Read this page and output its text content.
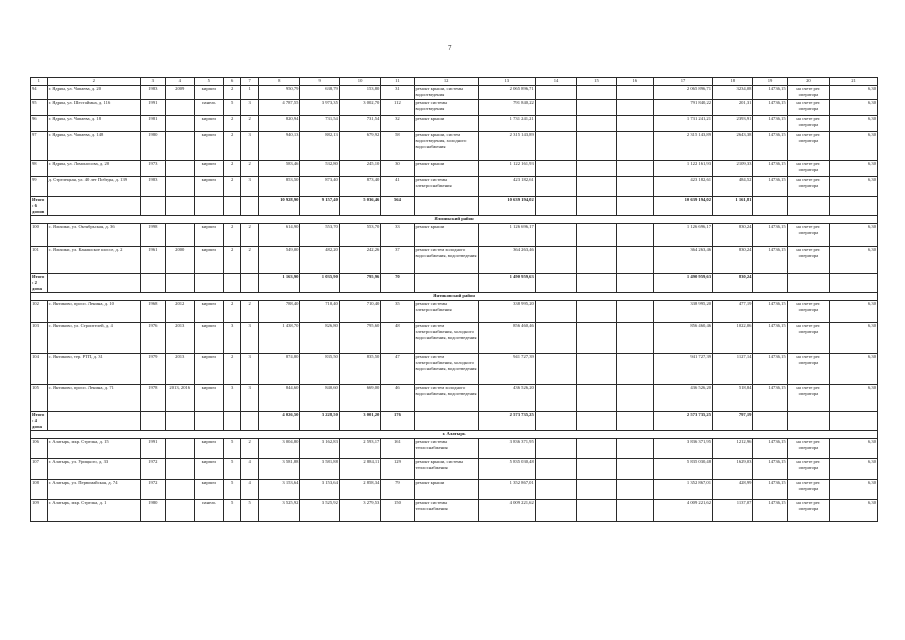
7
1	2	3	4	5	6	7	8	9	10	11	12	13	14	15	16	17	18	19	20	21
94	г. Ядрин, ул. Чапаева, д. 20	1983	2009	кирпич	2	1	950,79	638,79	153,80	31	ремонт крыши, системы водоотведения	2 065 896,71				2 065 896,71	3234,08	14736,15	на счете рег. оператора	6,30
95	г. Ядрин, ул. Шестаймна, д. 116	1991		панель	5	3	4 787,55	3 973,35	3 002,70	112	ремонт системы водоотведения	791 840,22				791 840,22	201,31	14736,15	на счете рег. оператора	6,30
96	г. Ядрин, ул. Чапаева, д. 18	1981		кирпич	2	2	820,94	731,54	731,54	32	ремонт крыши	1 731 241,21				1 731 241,21	2393,91	14736,15	на счете рег. оператора	6,30
97	г. Ядрин, ул. Чапаева, д. 148	1980		кирпич	2	3	940,13	882,13	679,92	58	ремонт крыши, систем водоотведения, холодного водоснабжения	2 315 143,89				2 315 143,89	2643,38	14736,15	на счете рег. оператора	6,30
98	г. Ядрин, ул. Ломоносова, д. 20	1973		кирпич	2	2	583,46	532,80	245,10	30	ремонт крыши	1 122 161,93				1 122 161,93	2109,33	14736,15	на счете рег. оператора	6,30
99	д. Стрелецкая, ул. 40 лет Победы, д. 139	1983		кирпич	2	3	853,50	873,40	873,40	41	ремонт системы электроснабжения	423 182,61				423 182,61	484,52	14736,15	на счете рег. оператора	6,30
Итого: 6 домов							10 928,90	9 157,40	5 036,46	564		10 639 194,02				10 639 194,02	1 161,81			
Яльчикский район																				
100	с. Яльчики, ул. Октябрьская, д. 36	1998		кирпич	2	2	614,90	553,70	553,70	33	ремонт крыши	1 126 696,17				1 126 696,17	830,24	14736,15	на счете рег. оператора	6,30
101	с. Яльчики, ул. Канашское шоссе, д. 2	1961	2000	кирпич	2	2	549,00	482,20	242,26	37	ремонт систем холодного водоснабжения, водоотведения	364 263,46				364 263,46	830,24	14736,15	на счете рег. оператора	6,30
Итого: 2 дома							1 163,90	1 035,90	795,96	70		1 490 959,63				1 490 959,63	830,24			
Янтиковский район																				
102	с. Янтиково, просп. Ленина, д. 10	1968	2012	кирпич	2	2	788,40	710,40	710,40	35	ремонт системы электроснабжения	338 995,20				338 995,20	477,19	14736,15	на счете рег. оператора	6,30
103	с. Янтиково, ул. Строителей, д. 4	1976	2013	кирпич	3	3	1 438,70	826,80	795,60	48	ремонт систем электроснабжения, холодного водоснабжения, водоотведения	856 460,46				856 460,46	1022,06	14736,15	на счете рег. оператора	6,30
104	с. Янтиково, тер. РТП, д. 31	1979	2013	кирпич	2	3	874,80	835,50	835,50	47	ремонт систем электроснабжения, холодного водоснабжения, водоотведения	941 727,39				941 727,39	1127,14	14736,15	на счете рег. оператора	6,30
105	с. Янтиково, просп. Ленина, д. 71	1978	2013, 2016	кирпич	3	3	844,60	840,60	669,00	46	ремонт систем холодного водоснабжения, водоотведения	436 526,20				436 526,20	518,84	14736,15	на счете рег. оператора	6,30
Итого: 4 дома							4 026,50	3 228,50	3 001,20	176		2 573 735,25				2 573 735,25	797,19			
г. Алатырь																				
106	г. Алатырь, мкр. Стрелка, д. 15	1991		кирпич	5	2	3 004,80	3 162,83	2 593,17	161	ремонт системы теплоснабжения	3 836 371,95				3 836 371,95	1212,96	14736,15	на счете рег. оператора	6,30
107	г. Алатырь, ул. Урицкого, д. 33	1972		кирпич	5	4	3 581,88	3 581,88	2 884,11	129	ремонт крыши, системы теплоснабжения	5 835 030,48				5 835 030,48	1629,03	14736,15	на счете рег. оператора	6,30
108	г. Алатырь, ул. Первомайская, д. 74	1972		кирпич	5	4	3 153,64	3 153,64	2 858,34	79	ремонт крыши	1 352 867,01				1 352 867,01	428,99	14736,15	на счете рег. оператора	6,30
109	г. Алатырь, мкр. Стрелка, д. 1	1980		панель	5	5	3 525,92	3 525,92	3 279,53	150	ремонт системы теплоснабжения	4 009 221,62				4 009 221,62	1137,07	14736,15	на счете рег. оператора	6,30
